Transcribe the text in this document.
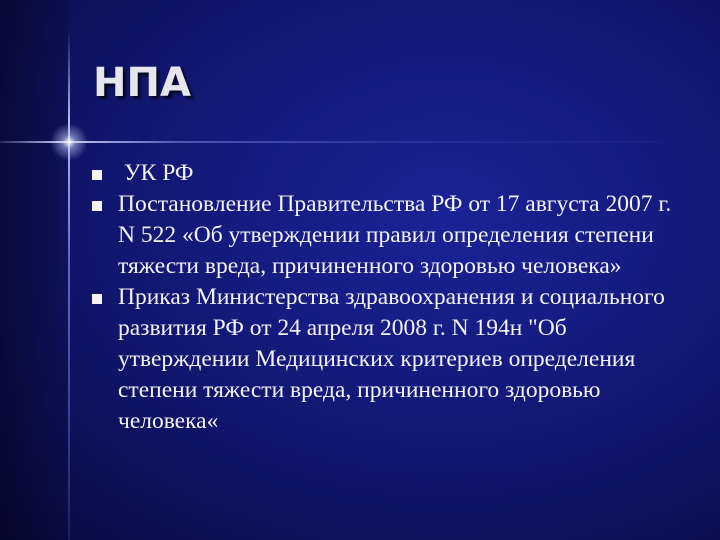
НПА
УК РФ
Постановление Правительства РФ от 17 августа 2007 г. N 522 «Об утверждении правил определения степени тяжести вреда, причиненного здоровью человека»
Приказ Министерства здравоохранения и социального развития РФ от 24 апреля 2008 г. N 194н "Об утверждении Медицинских критериев определения степени тяжести вреда, причиненного здоровью человека«
